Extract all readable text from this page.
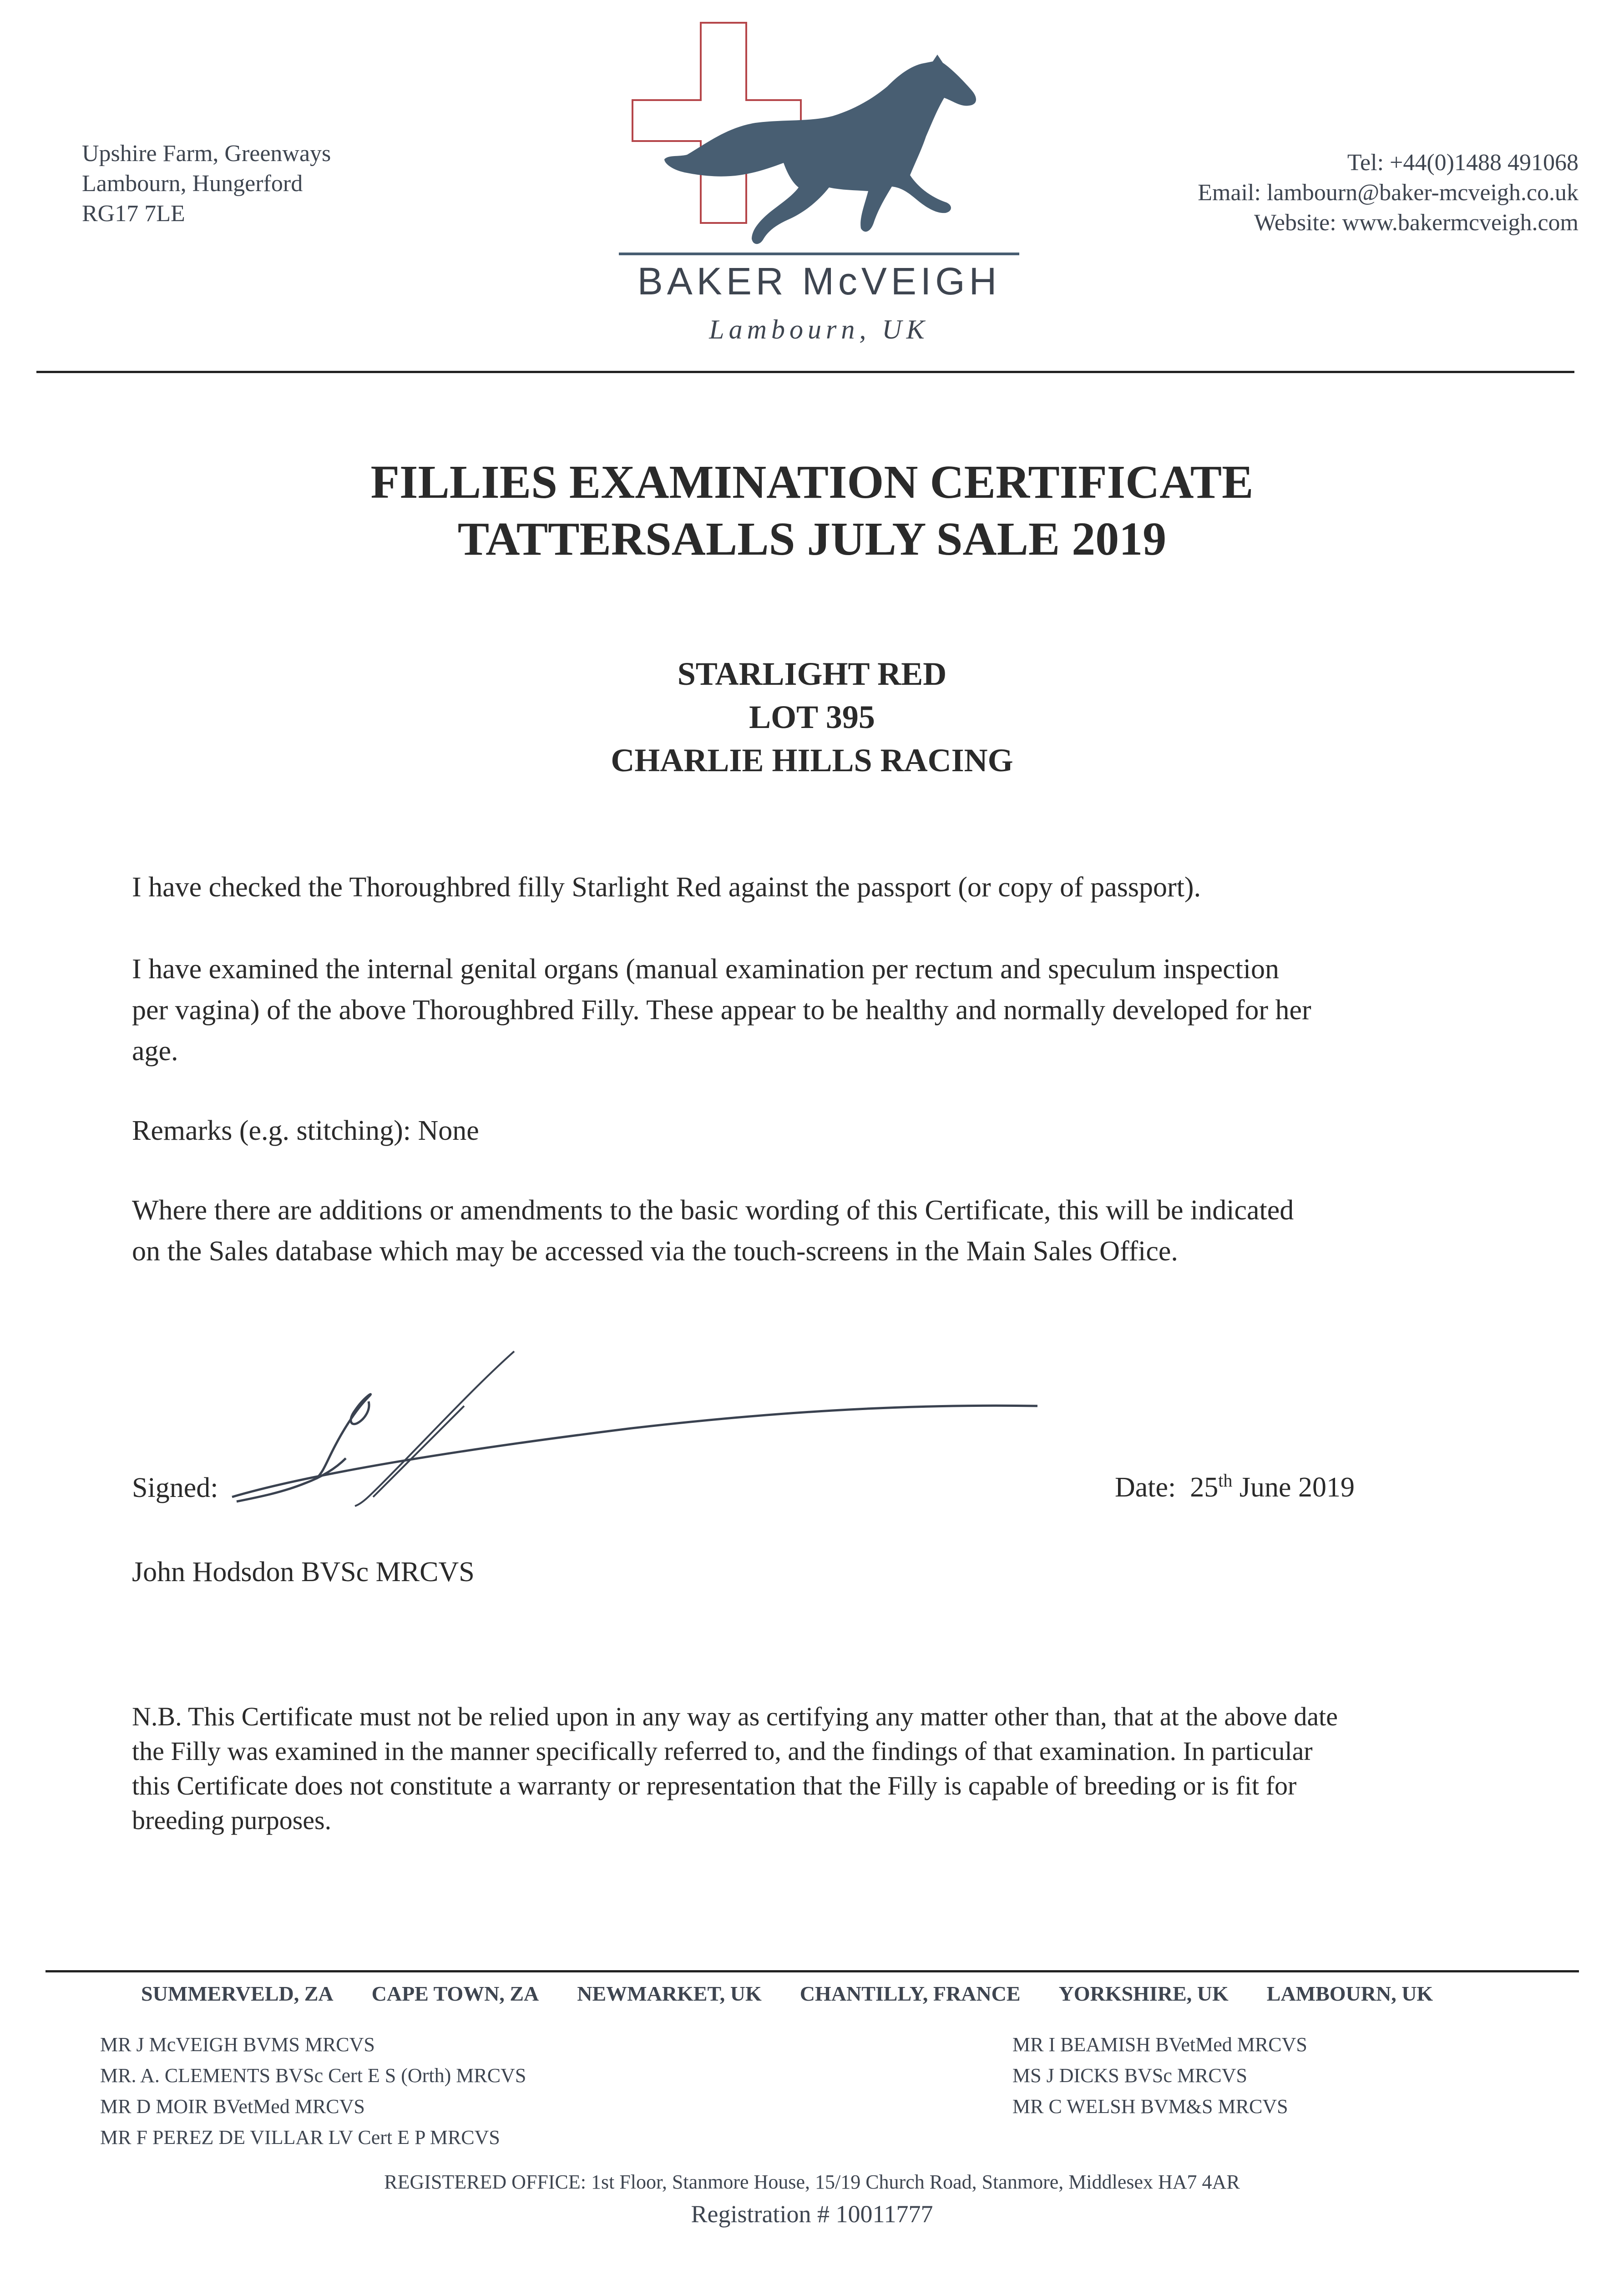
Upshire Farm, Greenways
Lambourn, Hungerford
RG17 7LE
BAKER McVEIGH
Lambourn, UK
Tel: +44(0)1488 491068
Email: lambourn@baker-mcveigh.co.uk
Website: www.bakermcveigh.com
FILLIES EXAMINATION CERTIFICATE
TATTERSALLS JULY SALE 2019
STARLIGHT RED
LOT 395
CHARLIE HILLS RACING
I have checked the Thoroughbred filly Starlight Red against the passport (or copy of passport).
I have examined the internal genital organs (manual examination per rectum and speculum inspection
per vagina) of the above Thoroughbred Filly. These appear to be healthy and normally developed for her
age.
Remarks (e.g. stitching): None
Where there are additions or amendments to the basic wording of this Certificate, this will be indicated
on the Sales database which may be accessed via the touch-screens in the Main Sales Office.
Signed:	Date: 25th June 2019
John Hodsdon BVSc MRCVS
N.B. This Certificate must not be relied upon in any way as certifying any matter other than, that at the above date
the Filly was examined in the manner specifically referred to, and the findings of that examination. In particular
this Certificate does not constitute a warranty or representation that the Filly is capable of breeding or is fit for
breeding purposes.
SUMMERVELD, ZA CAPE TOWN, ZA NEWMARKET, UK CHANTILLY, FRANCE YORKSHIRE, UK LAMBOURN, UK
MR J McVEIGH BVMS MRCVS
MR. A. CLEMENTS BVSc Cert E S (Orth) MRCVS
MR D MOIR BVetMed MRCVS
MR F PEREZ DE VILLAR LV Cert E P MRCVS
MR I BEAMISH BVetMed MRCVS
MS J DICKS BVSc MRCVS
MR C WELSH BVM&S MRCVS
REGISTERED OFFICE: 1st Floor, Stanmore House, 15/19 Church Road, Stanmore, Middlesex HA7 4AR
Registration # 10011777
